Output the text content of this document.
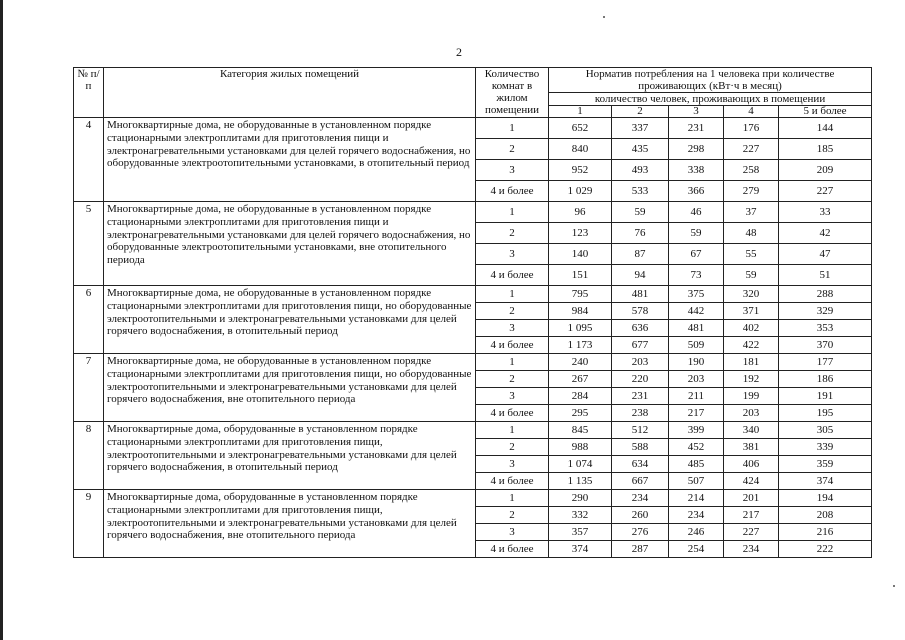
2
№ п/п	Категория жилых помещений	Количество комнат в жилом помещении	Норматив потребления на 1 человека при количестве проживающих (кВт·ч в месяц)				
			количество человек, проживающих в помещении				
			1	2	3	4	5 и более
4	Многоквартирные дома, не оборудованные в установленном порядке стационарными электроплитами для приготовления пищи и электронагревательными установками для целей горячего водоснабжения, но оборудованные электроотопительными установками, в отопительный период	1	652	337	231	176	144
		2	840	435	298	227	185
		3	952	493	338	258	209
		4 и более	1 029	533	366	279	227
5	Многоквартирные дома, не оборудованные в установленном порядке стационарными электроплитами для приготовления пищи и электронагревательными установками для целей горячего водоснабжения, но оборудованные электроотопительными установками, вне отопительного периода	1	96	59	46	37	33
		2	123	76	59	48	42
		3	140	87	67	55	47
		4 и более	151	94	73	59	51
6	Многоквартирные дома, не оборудованные в установленном порядке стационарными электроплитами для приготовления пищи, но оборудованные электроотопительными и электронагревательными установками для целей горячего водоснабжения, в отопительный период	1	795	481	375	320	288
		2	984	578	442	371	329
		3	1 095	636	481	402	353
		4 и более	1 173	677	509	422	370
7	Многоквартирные дома, не оборудованные в установленном порядке стационарными электроплитами для приготовления пищи, но оборудованные электроотопительными и электронагревательными установками для целей горячего водоснабжения, вне отопительного периода	1	240	203	190	181	177
		2	267	220	203	192	186
		3	284	231	211	199	191
		4 и более	295	238	217	203	195
8	Многоквартирные дома, оборудованные в установленном порядке стационарными электроплитами для приготовления пищи, электроотопительными и электронагревательными установками для целей горячего водоснабжения, в отопительный период	1	845	512	399	340	305
		2	988	588	452	381	339
		3	1 074	634	485	406	359
		4 и более	1 135	667	507	424	374
9	Многоквартирные дома, оборудованные в установленном порядке стационарными электроплитами для приготовления пищи, электроотопительными и электронагревательными установками для целей горячего водоснабжения, вне отопительного периода	1	290	234	214	201	194
		2	332	260	234	217	208
		3	357	276	246	227	216
		4 и более	374	287	254	234	222
